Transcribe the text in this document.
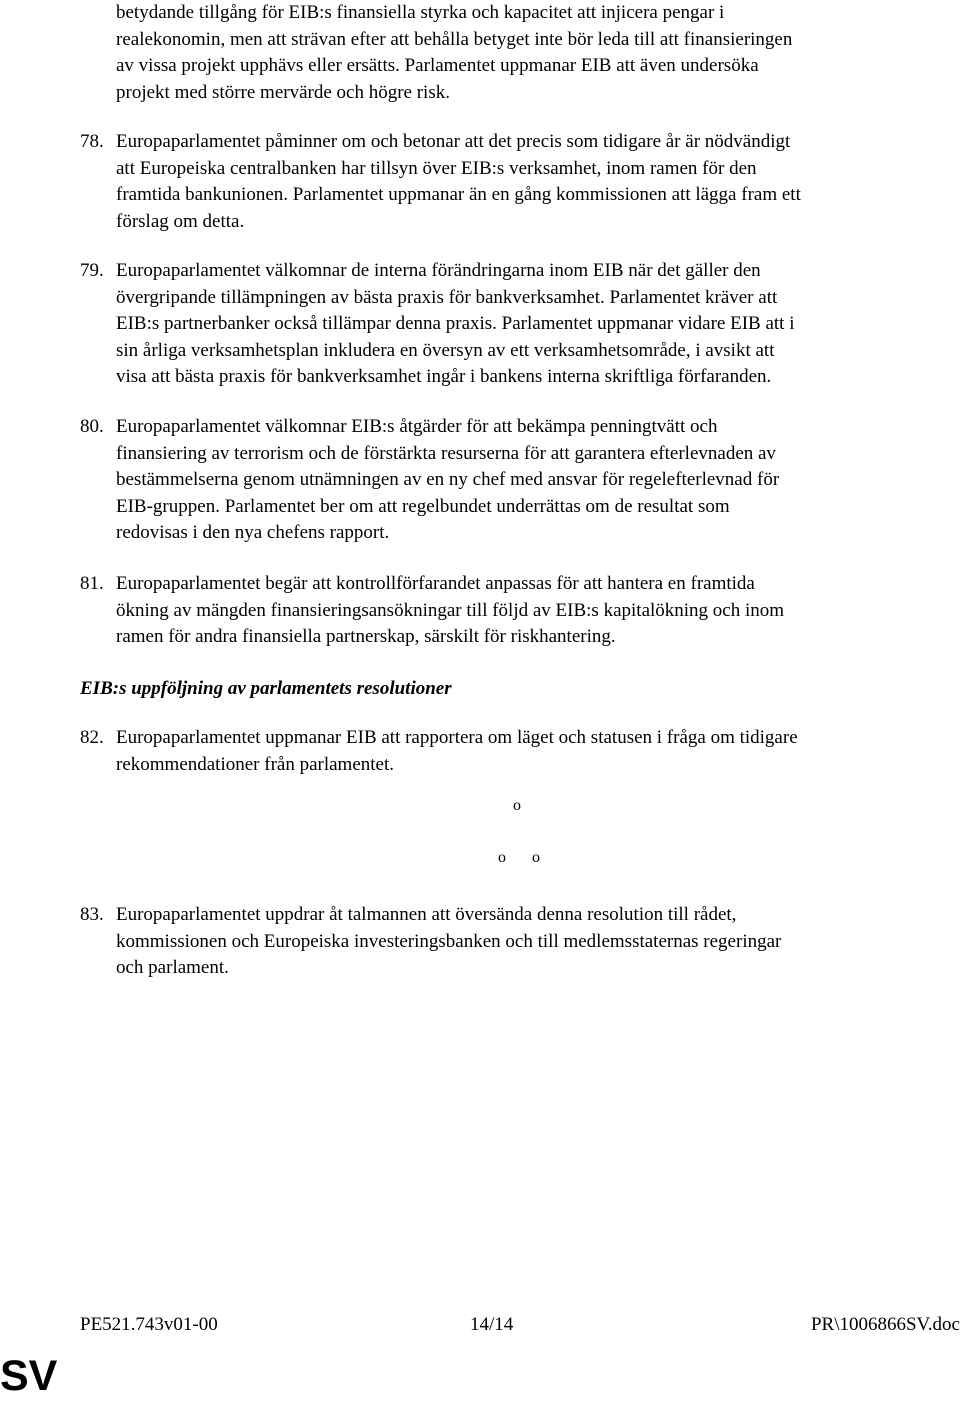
betydande tillgång för EIB:s finansiella styrka och kapacitet att injicera pengar i
realekonomin, men att strävan efter att behålla betyget inte bör leda till att finansieringen
av vissa projekt upphävs eller ersätts. Parlamentet uppmanar EIB att även undersöka
projekt med större mervärde och högre risk.

78. Europaparlamentet påminner om och betonar att det precis som tidigare år är nödvändigt
att Europeiska centralbanken har tillsyn över EIB:s verksamhet, inom ramen för den
framtida bankunionen. Parlamentet uppmanar än en gång kommissionen att lägga fram ett
förslag om detta.
79. Europaparlamentet välkomnar de interna förändringarna inom EIB när det gäller den
övergripande tillämpningen av bästa praxis för bankverksamhet. Parlamentet kräver att
EIB:s partnerbanker också tillämpar denna praxis. Parlamentet uppmanar vidare EIB att i
sin årliga verksamhetsplan inkludera en översyn av ett verksamhetsområde, i avsikt att
visa att bästa praxis för bankverksamhet ingår i bankens interna skriftliga förfaranden.
80. Europaparlamentet välkomnar EIB:s åtgärder för att bekämpa penningtvätt och
finansiering av terrorism och de förstärkta resurserna för att garantera efterlevnaden av
bestämmelserna genom utnämningen av en ny chef med ansvar för regelefterlevnad för
EIB-gruppen. Parlamentet ber om att regelbundet underrättas om de resultat som
redovisas i den nya chefens rapport.
81. Europaparlamentet begär att kontrollförfarandet anpassas för att hantera en framtida
ökning av mängden finansieringsansökningar till följd av EIB:s kapitalökning och inom
ramen för andra finansiella partnerskap, särskilt för riskhantering.

EIB:s uppföljning av parlamentets resolutioner

82. Europaparlamentet uppmanar EIB att rapportera om läget och statusen i fråga om tidigare
rekommendationer från parlamentet.
o
o o
83. Europaparlamentet uppdrar åt talmannen att översända denna resolution till rådet,
kommissionen och Europeiska investeringsbanken och till medlemsstaternas regeringar
och parlament.
PE521.743v01-00	14/14	PR\1006866SV.doc
SV
